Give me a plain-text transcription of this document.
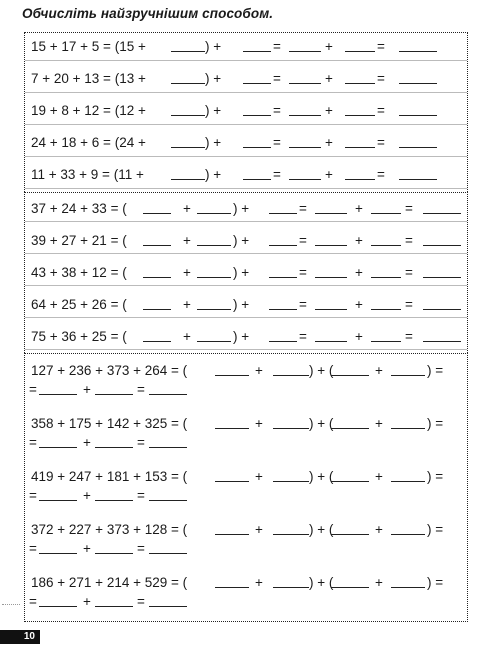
Обчисліть найзручнішим способом.
15 + 17 + 5 = (15 +	) +	=	+	=
7 + 20 + 13 = (13 +	) +	=	+	=
19 + 8 + 12 = (12 +	) +	=	+	=
24 + 18 + 6 = (24 +	) +	=	+	=
11 + 33 + 9 = (11 +	) +	=	+	=
37 + 24 + 33 = (	+	) +	=	+	=
39 + 27 + 21 = (	+	) +	=	+	=
43 + 38 + 12 = (	+	) +	=	+	=
64 + 25 + 26 = (	+	) +	=	+	=
75 + 36 + 25 = (	+	) +	=	+	=
127 + 236 + 373 + 264 = (	+	) + (	+	) =
=	+	=
358 + 175 + 142 + 325 = (	+	) + (	+	) =
=	+	=
419 + 247 + 181 + 153 = (	+	) + (	+	) =
=	+	=
372 + 227 + 373 + 128 = (	+	) + (	+	) =
=	+	=
186 + 271 + 214 + 529 = (	+	) + (	+	) =
=	+	=
10
